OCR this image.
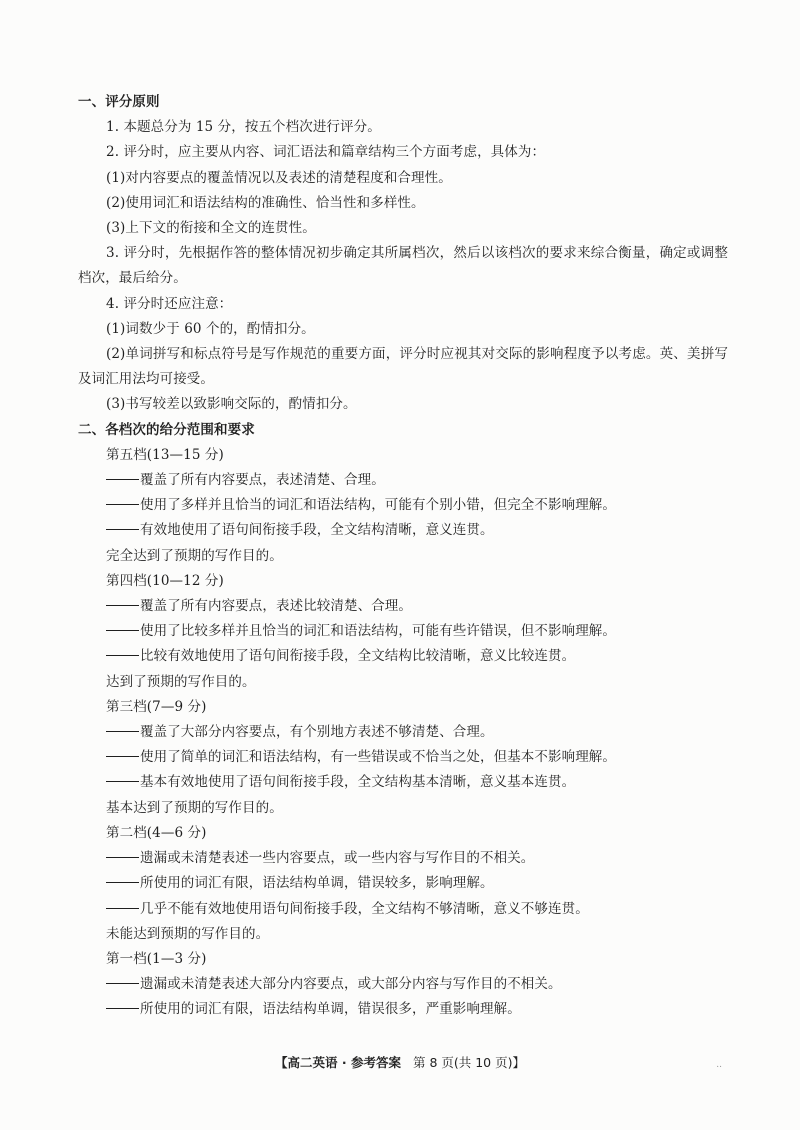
一、评分原则
1. 本题总分为 15 分，按五个档次进行评分。
2. 评分时，应主要从内容、词汇语法和篇章结构三个方面考虑，具体为：
(1)对内容要点的覆盖情况以及表述的清楚程度和合理性。
(2)使用词汇和语法结构的准确性、恰当性和多样性。
(3)上下文的衔接和全文的连贯性。
3. 评分时，先根据作答的整体情况初步确定其所属档次，然后以该档次的要求来综合衡量，确定或调整档次，最后给分。
4. 评分时还应注意：
(1)词数少于 60 个的，酌情扣分。
(2)单词拼写和标点符号是写作规范的重要方面，评分时应视其对交际的影响程度予以考虑。英、美拼写及词汇用法均可接受。
(3)书写较差以致影响交际的，酌情扣分。
二、各档次的给分范围和要求
第五档(13—15 分)
覆盖了所有内容要点，表述清楚、合理。
使用了多样并且恰当的词汇和语法结构，可能有个别小错，但完全不影响理解。
有效地使用了语句间衔接手段，全文结构清晰，意义连贯。
完全达到了预期的写作目的。
第四档(10—12 分)
覆盖了所有内容要点，表述比较清楚、合理。
使用了比较多样并且恰当的词汇和语法结构，可能有些许错误，但不影响理解。
比较有效地使用了语句间衔接手段，全文结构比较清晰，意义比较连贯。
达到了预期的写作目的。
第三档(7—9 分)
覆盖了大部分内容要点，有个别地方表述不够清楚、合理。
使用了简单的词汇和语法结构，有一些错误或不恰当之处，但基本不影响理解。
基本有效地使用了语句间衔接手段，全文结构基本清晰，意义基本连贯。
基本达到了预期的写作目的。
第二档(4—6 分)
遗漏或未清楚表述一些内容要点，或一些内容与写作目的不相关。
所使用的词汇有限，语法结构单调，错误较多，影响理解。
几乎不能有效地使用语句间衔接手段，全文结构不够清晰，意义不够连贯。
未能达到预期的写作目的。
第一档(1—3 分)
遗漏或未清楚表述大部分内容要点，或大部分内容与写作目的不相关。
所使用的词汇有限，语法结构单调，错误很多，严重影响理解。
【高二英语 · 参考答案 第 8 页(共 10 页)】	..
